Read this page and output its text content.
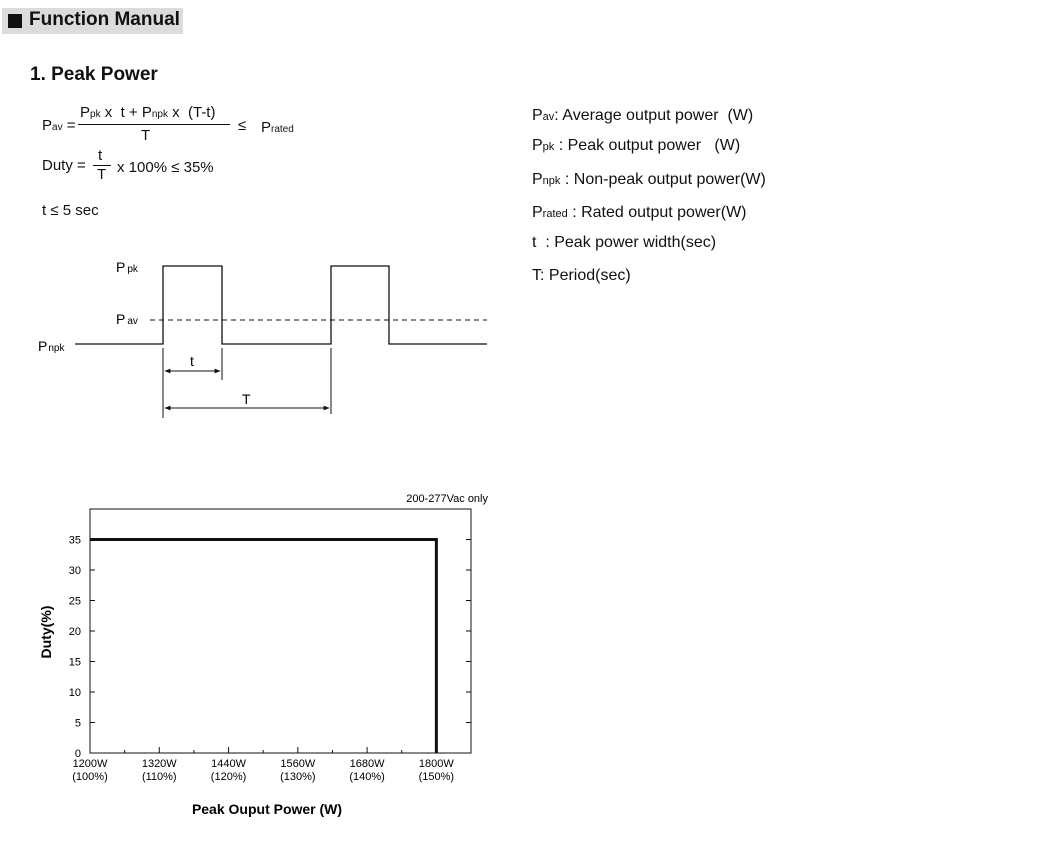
Function Manual
1. Peak Power
Pav =
Ppk x  t + Pnpk x  (T-t)
T
≤ Prated
Duty =
t
T x 100% ≤ 35%
t ≤ 5 sec
Pav: Average output power  (W)
Ppk : Peak output power   (W)
Pnpk : Non-peak output power(W)
Prated : Rated output power(W)
t  : Peak power width(sec)
T: Period(sec)
P pk
P av
Pnpk
t
T
200-277Vac only
Duty(%)
Peak Ouput Power (W)
0
5
10
15
20
25
30
35
1200W
(100%)
1320W
(110%)
1440W
(120%)
1560W
(130%)
1680W
(140%)
1800W
(150%)
